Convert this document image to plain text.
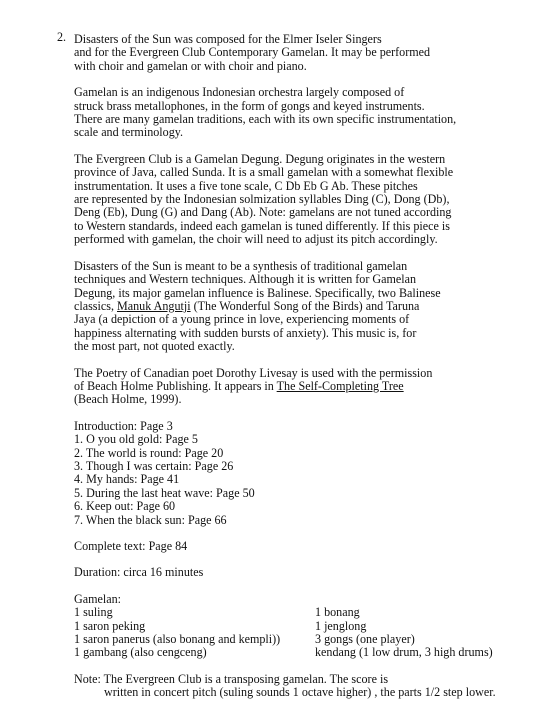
2. Disasters of the Sun was composed for the Elmer Iseler Singers
and for the Evergreen Club Contemporary Gamelan. It may be performed
with choir and gamelan or with choir and piano.
Gamelan is an indigenous Indonesian orchestra largely composed of
struck brass metallophones, in the form of gongs and keyed instruments.
There are many gamelan traditions, each with its own specific instrumentation,
scale and terminology.
The Evergreen Club is a Gamelan Degung. Degung originates in the western
province of Java, called Sunda. It is a small gamelan with a somewhat flexible
instrumentation. It uses a five tone scale, C Db Eb G Ab. These pitches
are represented by the Indonesian solmization syllables Ding (C), Dong (Db),
Deng (Eb), Dung (G) and Dang (Ab). Note: gamelans are not tuned according
to Western standards, indeed each gamelan is tuned differently. If this piece is
performed with gamelan, the choir will need to adjust its pitch accordingly.
Disasters of the Sun is meant to be a synthesis of traditional gamelan
techniques and Western techniques. Although it is written for Gamelan
Degung, its major gamelan influence is Balinese. Specifically, two Balinese
classics, Manuk Angutji (The Wonderful Song of the Birds) and Taruna
Jaya (a depiction of a young prince in love, experiencing moments of
happiness alternating with sudden bursts of anxiety). This music is, for
the most part, not quoted exactly.
The Poetry of Canadian poet Dorothy Livesay is used with the permission
of Beach Holme Publishing. It appears in The Self-Completing Tree
(Beach Holme, 1999).
Introduction: Page 3
1. O you old gold: Page 5
2. The world is round: Page 20
3. Though I was certain: Page 26
4. My hands: Page 41
5. During the last heat wave: Page 50
6. Keep out: Page 60
7. When the black sun: Page 66
Complete text: Page 84
Duration: circa 16 minutes
Gamelan:
1 suling
1 saron peking
1 saron panerus (also bonang and kempli))
1 gambang (also cengceng)
1 bonang
1 jenglong
3 gongs (one player)
kendang (1 low drum, 3 high drums)
Note: The Evergreen Club is a transposing gamelan. The score is
written in concert pitch (suling sounds 1 octave higher) , the parts 1/2 step lower.
